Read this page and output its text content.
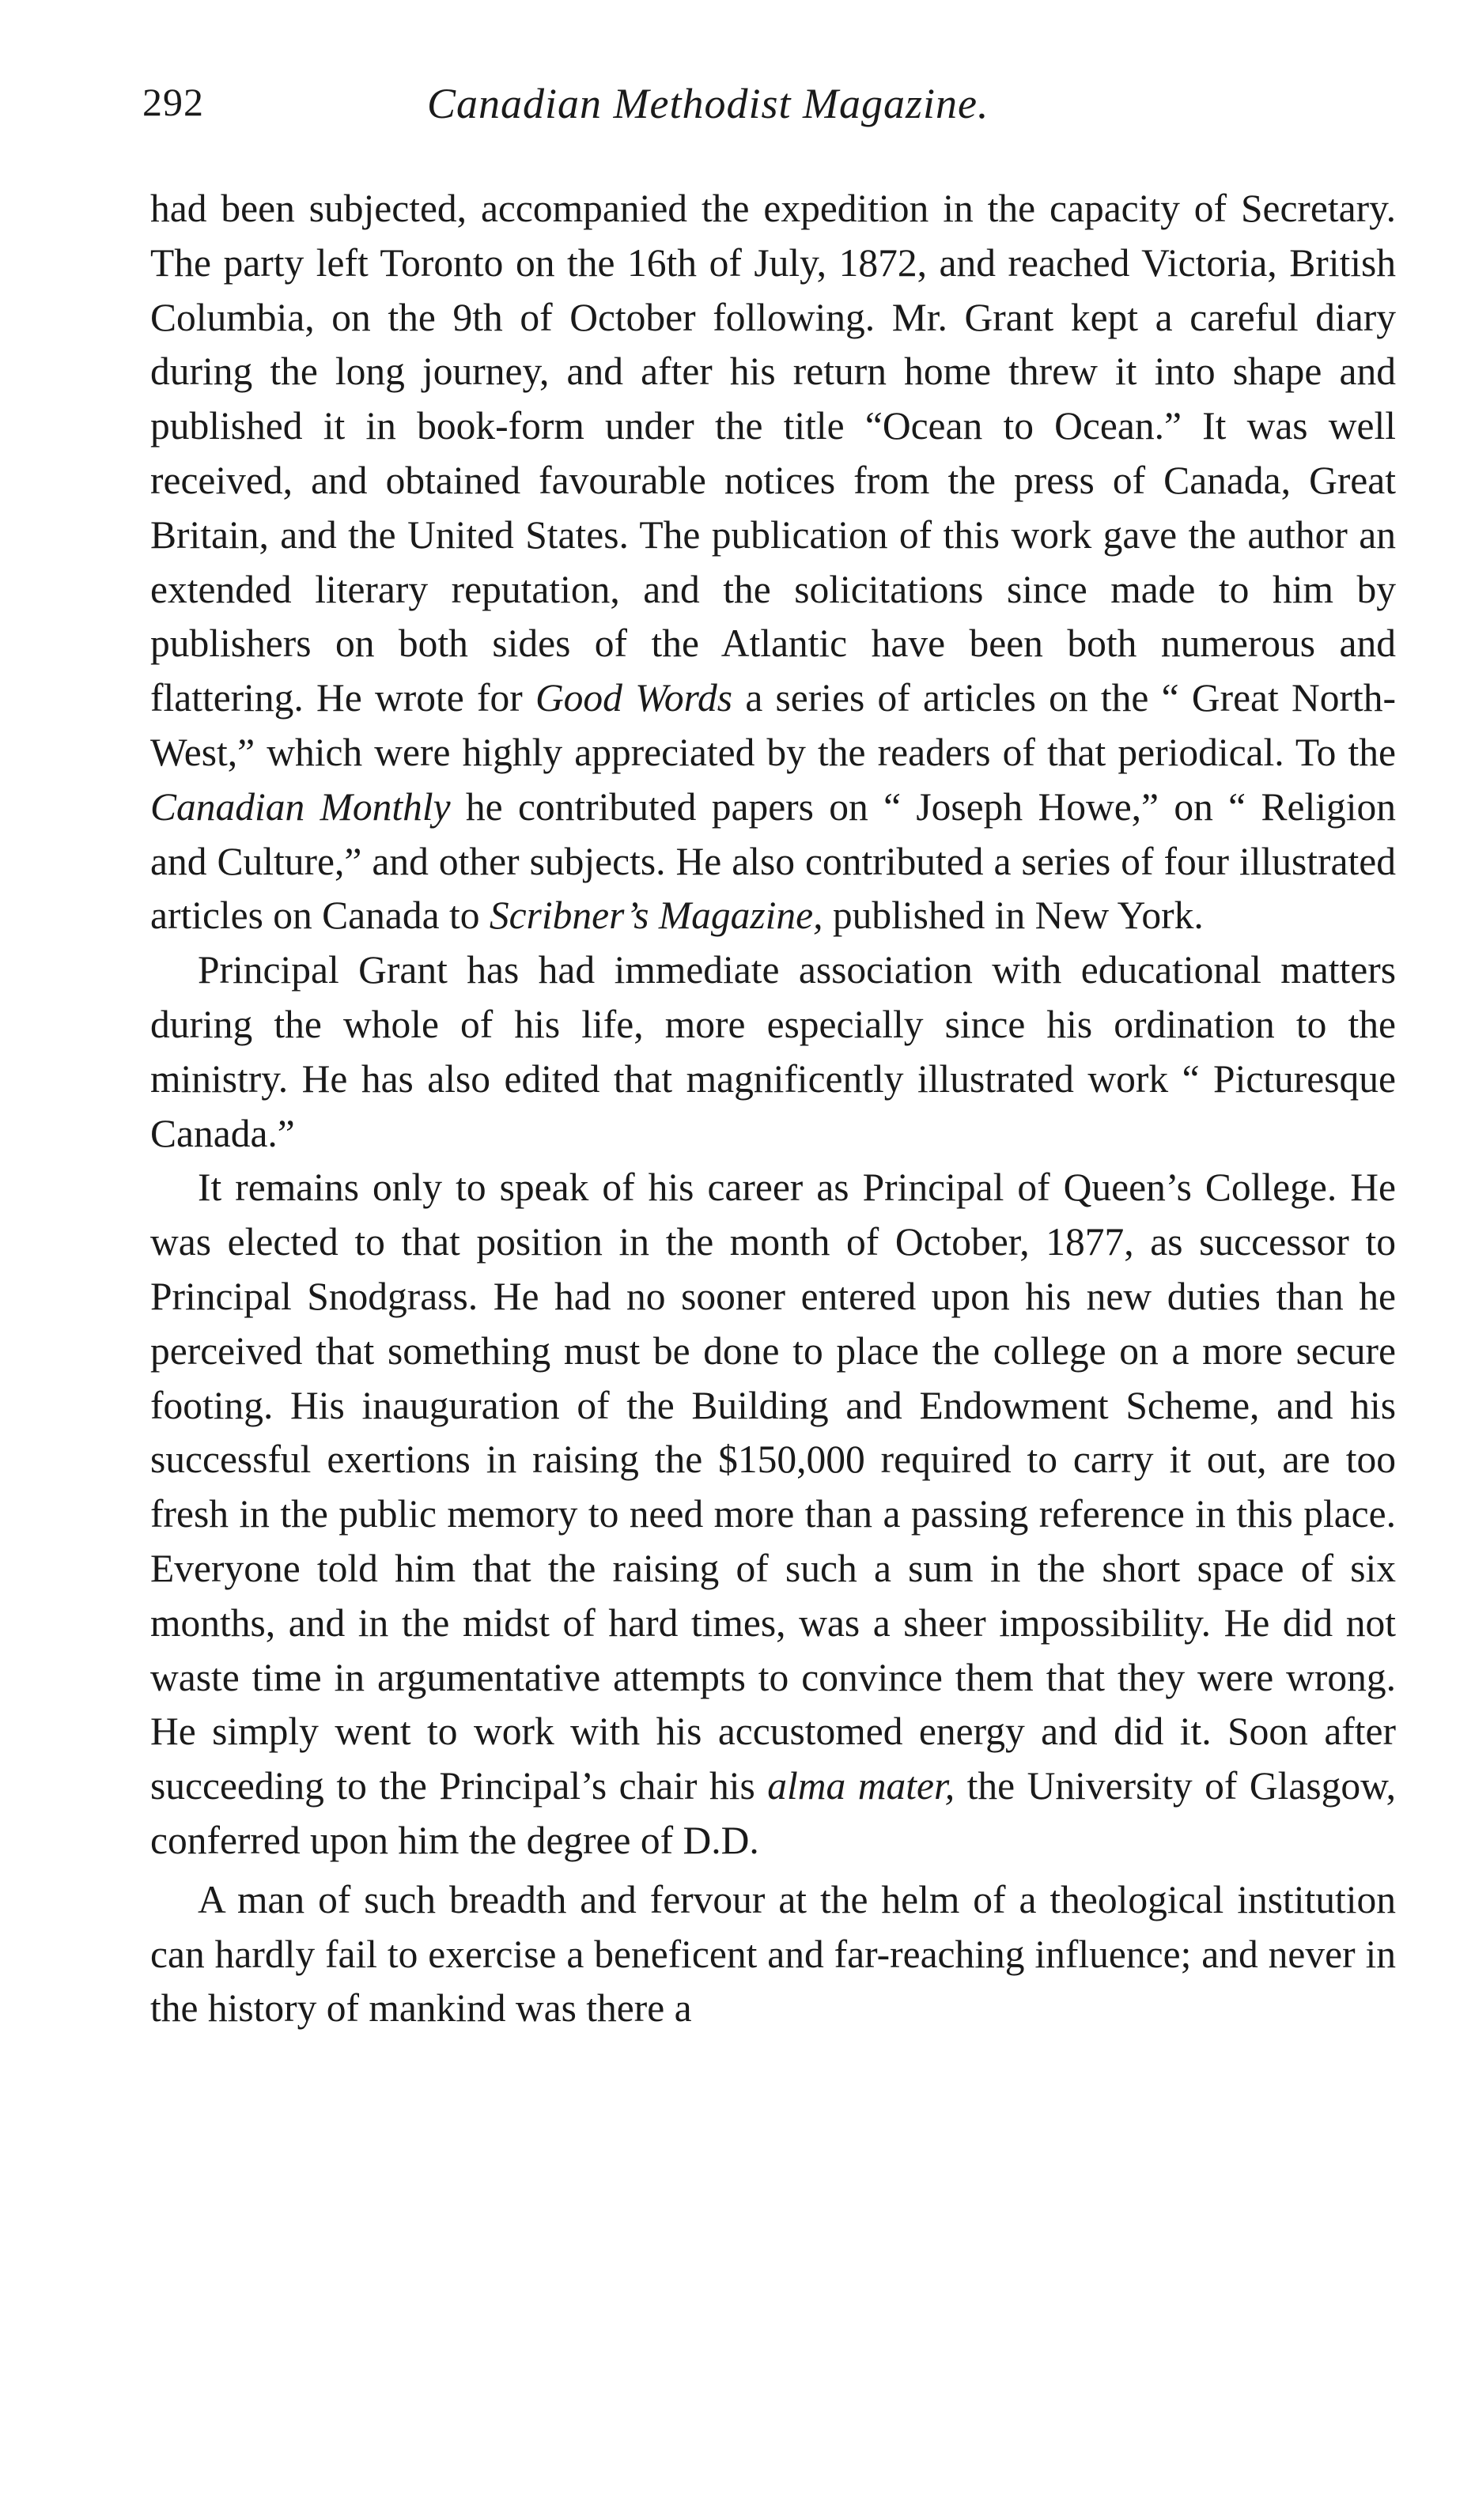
292	Canadian Methodist Magazine.

had been subjected, accompanied the expedition in the capacity of Secretary. The party left Toronto on the 16th of July, 1872, and reached Victoria, British Columbia, on the 9th of October following. Mr. Grant kept a careful diary during the long journey, and after his return home threw it into shape and published it in book-form under the title “Ocean to Ocean.” It was well received, and obtained favourable notices from the press of Canada, Great Britain, and the United States. The publication of this work gave the author an extended literary reputation, and the solicitations since made to him by publishers on both sides of the Atlantic have been both numerous and flattering. He wrote for Good Words a series of articles on the “ Great North-West,” which were highly appreciated by the readers of that periodical. To the Canadian Monthly he contributed papers on “ Joseph Howe,” on “ Religion and Culture,” and other subjects. He also contributed a series of four illustrated articles on Canada to Scribner’s Magazine, published in New York.

Principal Grant has had immediate association with educational matters during the whole of his life, more especially since his ordination to the ministry. He has also edited that magnificently illustrated work “ Picturesque Canada.”

It remains only to speak of his career as Principal of Queen’s College. He was elected to that position in the month of October, 1877, as successor to Principal Snodgrass. He had no sooner entered upon his new duties than he perceived that something must be done to place the college on a more secure footing. His inauguration of the Building and Endowment Scheme, and his successful exertions in raising the $150,000 required to carry it out, are too fresh in the public memory to need more than a passing reference in this place. Everyone told him that the raising of such a sum in the short space of six months, and in the midst of hard times, was a sheer impossibility. He did not waste time in argumentative attempts to convince them that they were wrong. He simply went to work with his accustomed energy and did it. Soon after succeeding to the Principal’s chair his alma mater, the University of Glasgow, conferred upon him the degree of D.D.

A man of such breadth and fervour at the helm of a theological institution can hardly fail to exercise a beneficent and far-reaching influence; and never in the history of mankind was there a
